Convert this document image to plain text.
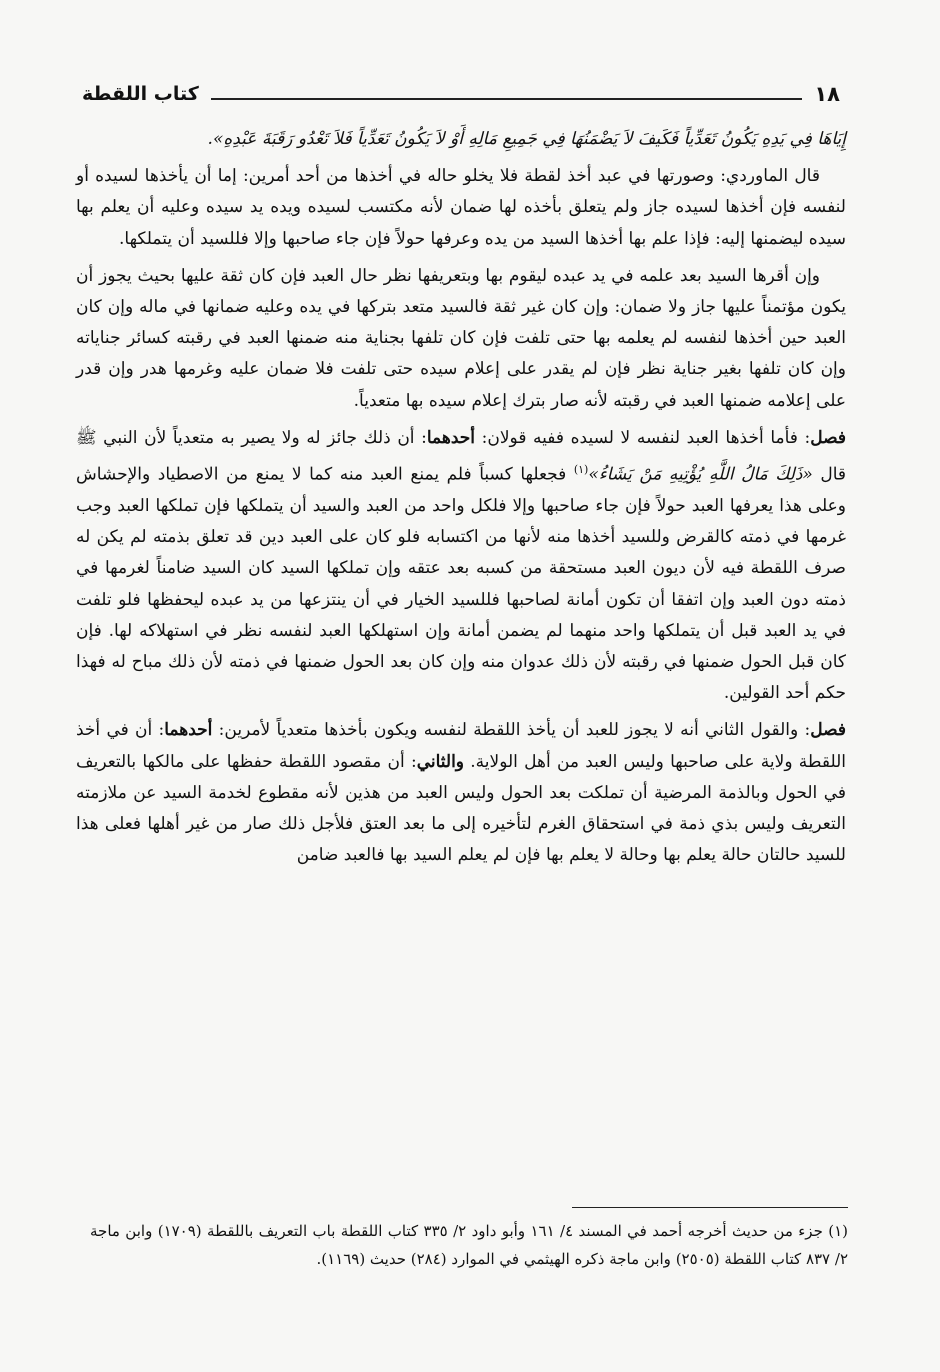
١٨
كتاب اللقطة

إِيَاهَا فِي يَدِهِ يَكُونُ تَعَدِّياً فَكَيفَ لاَ يَضْمَنُهَا فِي جَمِيعِ مَالِهِ أَوْ لاَ يَكُونُ تَعَدِّياً فَلاَ تَعْدُو رَقَبَةَ عَبْدِهِ».

قال الماوردي: وصورتها في عبد أخذ لقطة فلا يخلو حاله في أخذها من أحد أمرين: إما أن يأخذها لسيده أو لنفسه فإن أخذها لسيده جاز ولم يتعلق بأخذه لها ضمان لأنه مكتسب لسيده ويده يد سيده وعليه أن يعلم بها سيده ليضمنها إليه: فإذا علم بها أخذها السيد من يده وعرفها حولاً فإن جاء صاحبها وإلا فللسيد أن يتملكها.

وإن أقرها السيد بعد علمه في يد عبده ليقوم بها وبتعريفها نظر حال العبد فإن كان ثقة عليها بحيث يجوز أن يكون مؤتمناً عليها جاز ولا ضمان: وإن كان غير ثقة فالسيد متعد بتركها في يده وعليه ضمانها في ماله وإن كان العبد حين أخذها لنفسه لم يعلمه بها حتى تلفت فإن كان تلفها بجناية منه ضمنها العبد في رقبته كسائر جناياته وإن كان تلفها بغير جناية نظر فإن لم يقدر على إعلام سيده حتى تلفت فلا ضمان عليه وغرمها هدر وإن قدر على إعلامه ضمنها العبد في رقبته لأنه صار بترك إعلام سيده بها متعدياً.

فصل: فأما أخذها العبد لنفسه لا لسيده ففيه قولان: أحدهما: أن ذلك جائز له ولا يصير به متعدياً لأن النبي ﷺ قال «ذَلِكَ مَالُ اللَّهِ يُؤْتِيهِ مَنْ يَشَاءُ»$^{(١)}$ فجعلها كسباً فلم يمنع العبد منه كما لا يمنع من الاصطياد والإحشاش وعلى هذا يعرفها العبد حولاً فإن جاء صاحبها وإلا فلكل واحد من العبد والسيد أن يتملكها فإن تملكها العبد وجب غرمها في ذمته كالقرض وللسيد أخذها منه لأنها من اكتسابه فلو كان على العبد دين قد تعلق بذمته لم يكن له صرف اللقطة فيه لأن ديون العبد مستحقة من كسبه بعد عتقه وإن تملكها السيد كان السيد ضامناً لغرمها في ذمته دون العبد وإن اتفقا أن تكون أمانة لصاحبها فللسيد الخيار في أن ينتزعها من يد عبده ليحفظها فلو تلفت في يد العبد قبل أن يتملكها واحد منهما لم يضمن أمانة وإن استهلكها العبد لنفسه نظر في استهلاكه لها. فإن كان قبل الحول ضمنها في رقبته لأن ذلك عدوان منه وإن كان بعد الحول ضمنها في ذمته لأن ذلك مباح له فهذا حكم أحد القولين.

فصل: والقول الثاني أنه لا يجوز للعبد أن يأخذ اللقطة لنفسه ويكون بأخذها متعدياً لأمرين: أحدهما: أن في أخذ اللقطة ولاية على صاحبها وليس العبد من أهل الولاية. والثاني: أن مقصود اللقطة حفظها على مالكها بالتعريف في الحول وبالذمة المرضية أن تملكت بعد الحول وليس العبد من هذين لأنه مقطوع لخدمة السيد عن ملازمته التعريف وليس بذي ذمة في استحقاق الغرم لتأخيره إلى ما بعد العتق فلأجل ذلك صار من غير أهلها فعلى هذا للسيد حالتان حالة يعلم بها وحالة لا يعلم بها فإن لم يعلم السيد بها فالعبد ضامن

(١) جزء من حديث أخرجه أحمد في المسند ٤/ ١٦١ وأبو داود ٢/ ٣٣٥ كتاب اللقطة باب التعريف باللقطة (١٧٠٩) وابن ماجة ٢/ ٨٣٧ كتاب اللقطة (٢٥٠٥) وابن ماجة ذكره الهيثمي في الموارد (٢٨٤) حديث (١١٦٩).
